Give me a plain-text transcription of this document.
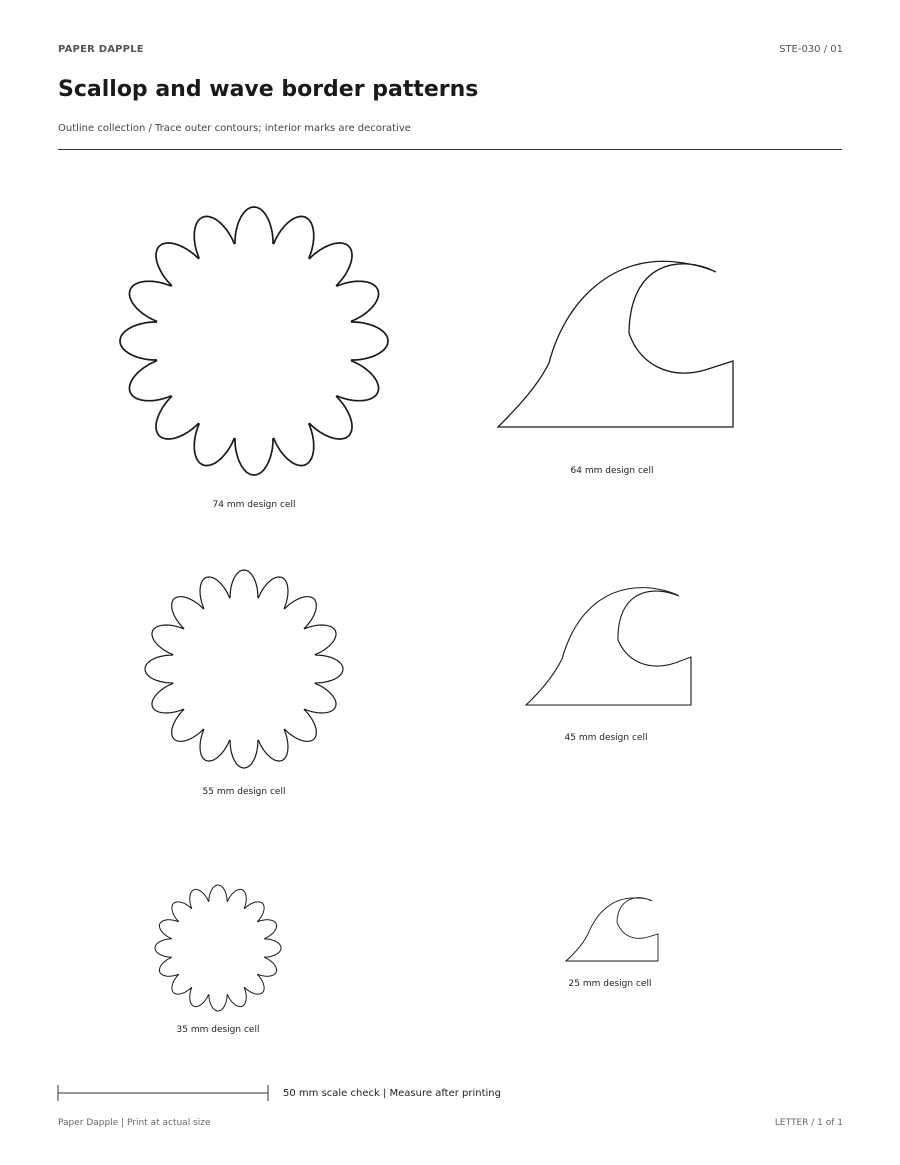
PAPER DAPPLE	STE-030 / 01
Scallop and wave border patterns
Outline collection / Trace outer contours; interior marks are decorative
74 mm design cell
64 mm design cell
55 mm design cell
45 mm design cell
35 mm design cell
25 mm design cell
50 mm scale check | Measure after printing
Paper Dapple | Print at actual size	LETTER / 1 of 1
